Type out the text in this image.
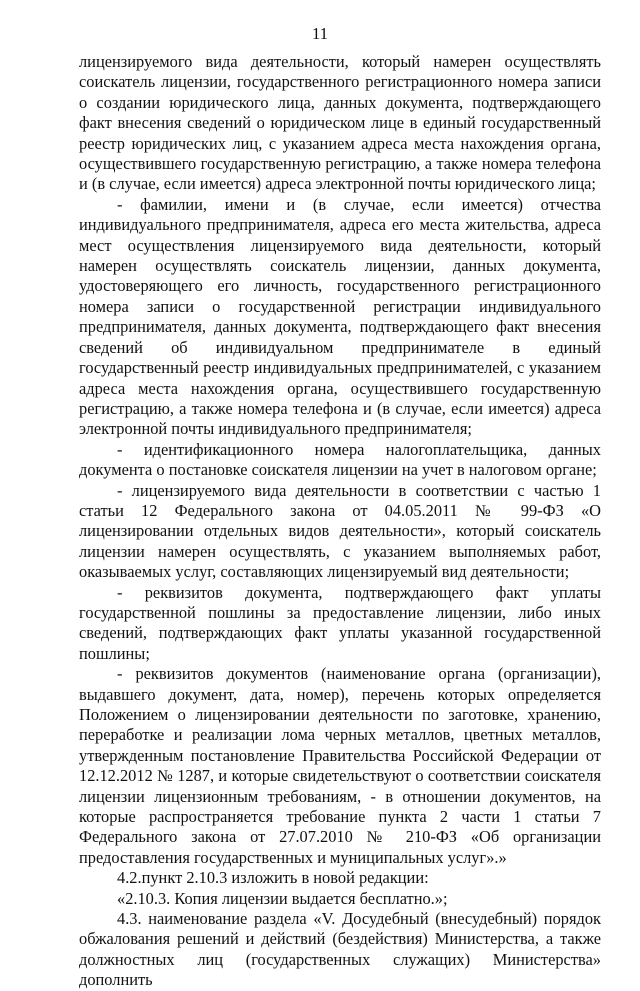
11

лицензируемого вида деятельности, который намерен осуществлять соискатель лицензии, государственного регистрационного номера записи о создании юридического лица, данных документа, подтверждающего факт внесения сведений о юридическом лице в единый государственный реестр юридических лиц, с указанием адреса места нахождения органа, осуществившего государственную регистрацию, а также номера телефона и (в случае, если имеется) адреса электронной почты юридического лица;

- фамилии, имени и (в случае, если имеется) отчества индивидуального предпринимателя, адреса его места жительства, адреса мест осуществления лицензируемого вида деятельности, который намерен осуществлять соискатель лицензии, данных документа, удостоверяющего его личность, государственного регистрационного номера записи о государственной регистрации индивидуального предпринимателя, данных документа, подтверждающего факт внесения сведений об индивидуальном предпринимателе в единый государственный реестр индивидуальных предпринимателей, с указанием адреса места нахождения органа, осуществившего государственную регистрацию, а также номера телефона и (в случае, если имеется) адреса электронной почты индивидуального предпринимателя;

- идентификационного номера налогоплательщика, данных документа о постановке соискателя лицензии на учет в налоговом органе;

- лицензируемого вида деятельности в соответствии с частью 1 статьи 12 Федерального закона от 04.05.2011 № 99-ФЗ «О лицензировании отдельных видов деятельности», который соискатель лицензии намерен осуществлять, с указанием выполняемых работ, оказываемых услуг, составляющих лицензируемый вид деятельности;

- реквизитов документа, подтверждающего факт уплаты государственной пошлины за предоставление лицензии, либо иных сведений, подтверждающих факт уплаты указанной государственной пошлины;

- реквизитов документов (наименование органа (организации), выдавшего документ, дата, номер), перечень которых определяется Положением о лицензировании деятельности по заготовке, хранению, переработке и реализации лома черных металлов, цветных металлов, утвержденным постановление Правительства Российской Федерации от 12.12.2012 № 1287, и которые свидетельствуют о соответствии соискателя лицензии лицензионным требованиям, - в отношении документов, на которые распространяется требование пункта 2 части 1 статьи 7 Федерального закона от 27.07.2010 № 210-ФЗ «Об организации предоставления государственных и муниципальных услуг».»

4.2.пункт 2.10.3 изложить в новой редакции:

«2.10.3. Копия лицензии выдается бесплатно.»;

4.3. наименование раздела «V. Досудебный (внесудебный) порядок обжалования решений и действий (бездействия) Министерства, а также должностных лиц (государственных служащих) Министерства» дополнить
